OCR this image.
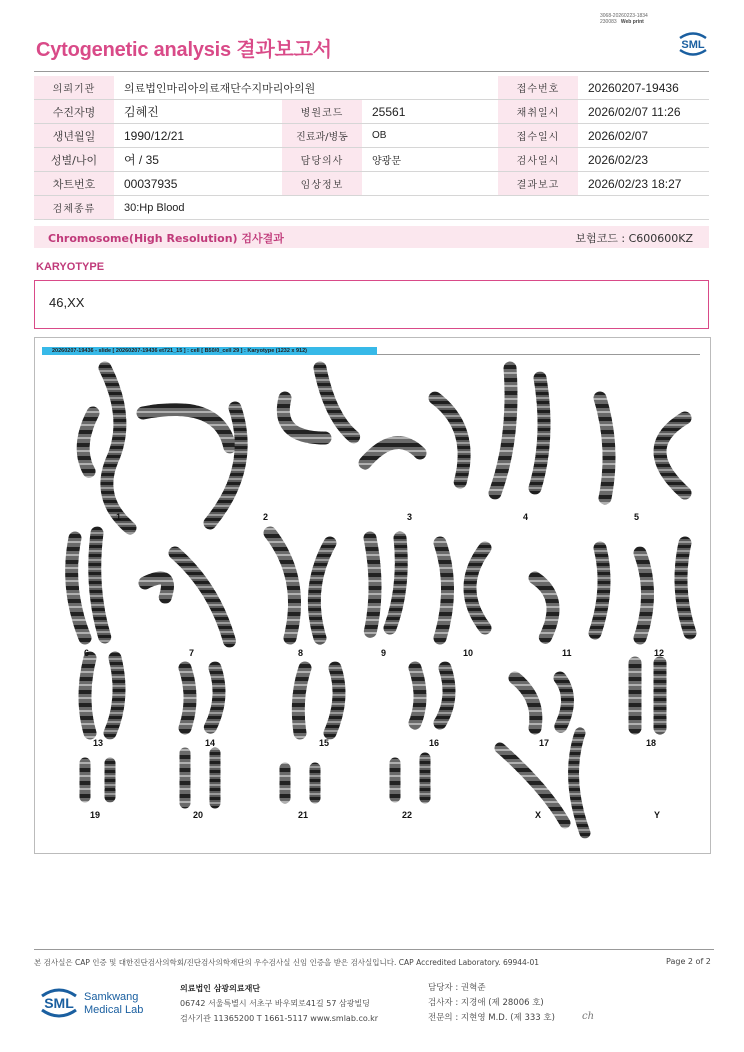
3068-20260223-1834
230083 Web print
Cytogenetic analysis 결과보고서	SML
의뢰기관	의료법인마리아의료재단수지마리아의원			접수번호	20260207-19436
수진자명	김혜진	병원코드	25561	채취일시	2026/02/07 11:26
생년월일	1990/12/21	진료과/병동	OB	접수일시	2026/02/07
성별/나이	여 / 35	담당의사	양광문	검사일시	2026/02/23
차트번호	00037935	임상정보		결과보고	2026/02/23 18:27
검체종류	30:Hp Blood				
Chromosome(High Resolution) 검사결과	보험코드 : C600600KZ
KARYOTYPE
46,XX
20260207-19436 - slide [ 20260207-19436 et721_15 ] : cell [ B50/0_cell 29 ] : Karyotype (1232 x 912)
1	2	3	4	5
6	7	8	9	10	11	12
13	14	15	16	17	18
19	20	21	22	X	Y
본 검사실은 CAP 인증 및 대한진단검사의학회/진단검사의학재단의 우수검사실 신임 인증을 받은 검사실입니다. CAP Accredited Laboratory. 69944-01	Page 2 of 2
SML Samkwang
Medical Lab
의료법인 삼광의료재단
06742 서울특별시 서초구 바우뫼로41길 57 삼광빌딩
검사기관 11365200 T 1661-5117 www.smlab.co.kr
담당자 : 권혁준
검사자 : 지경애 (제 28006 호)
전문의 : 지현영 M.D. (제 333 호)	ch
